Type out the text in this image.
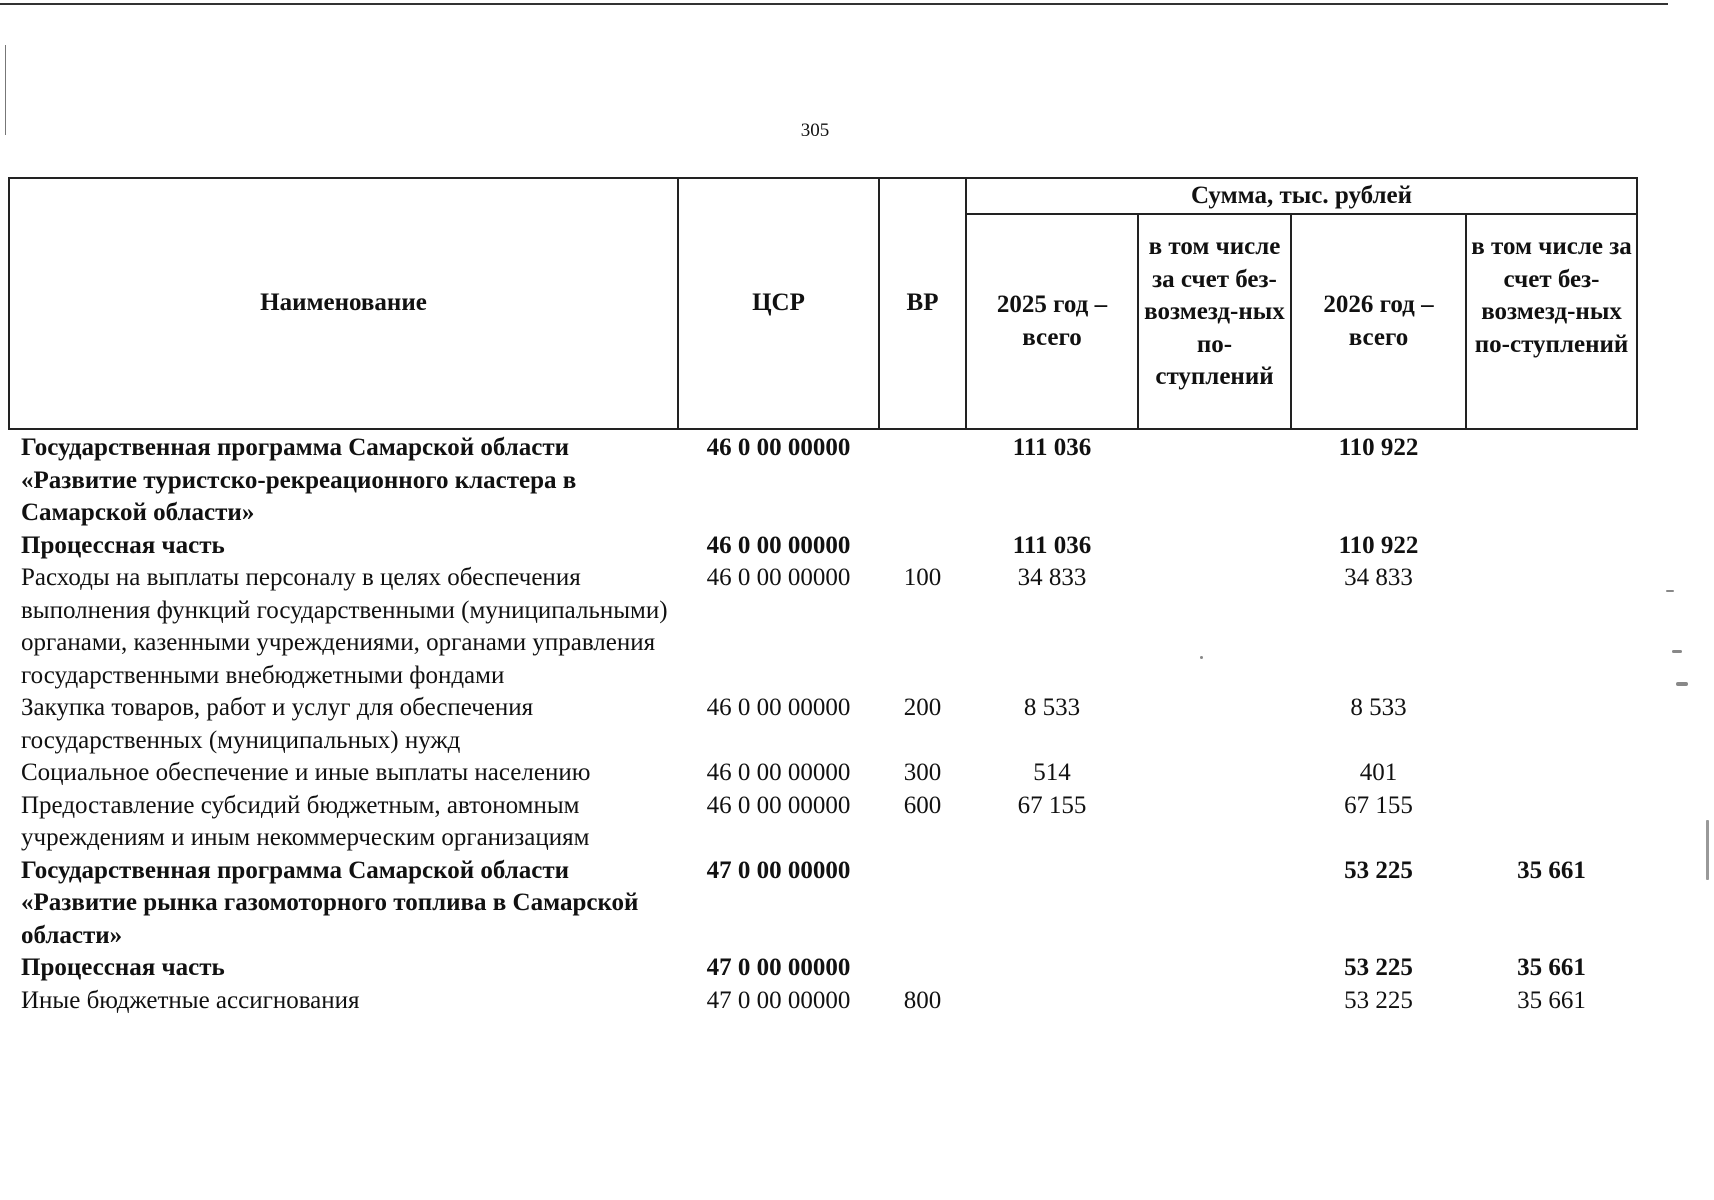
305
Наименование	ЦСР	ВР	Сумма, тыс. рублей			
			2025 год – всего	в том числе за счет без-возмезд-ных по-ступлений	2026 год – всего	в том числе за счет без-возмезд-ных по-ступлений
Государственная программа Самарской области «Развитие туристско-рекреационного кластера в Самарской области»	46 0 00 00000		111 036		110 922	
Процессная часть	46 0 00 00000		111 036		110 922	
Расходы на выплаты персоналу в целях обеспечения выполнения функций государственными (муниципальными) органами, казенными учреждениями, органами управления государственными внебюджетными фондами	46 0 00 00000	100	34 833		34 833	
Закупка товаров, работ и услуг для обеспечения государственных (муниципальных) нужд	46 0 00 00000	200	8 533		8 533	
Социальное обеспечение и иные выплаты населению	46 0 00 00000	300	514		401	
Предоставление субсидий бюджетным, автономным учреждениям и иным некоммерческим организациям	46 0 00 00000	600	67 155		67 155	
Государственная программа Самарской области «Развитие рынка газомоторного топлива в Самарской области»	47 0 00 00000				53 225	35 661
Процессная часть	47 0 00 00000				53 225	35 661
Иные бюджетные ассигнования	47 0 00 00000	800			53 225	35 661
